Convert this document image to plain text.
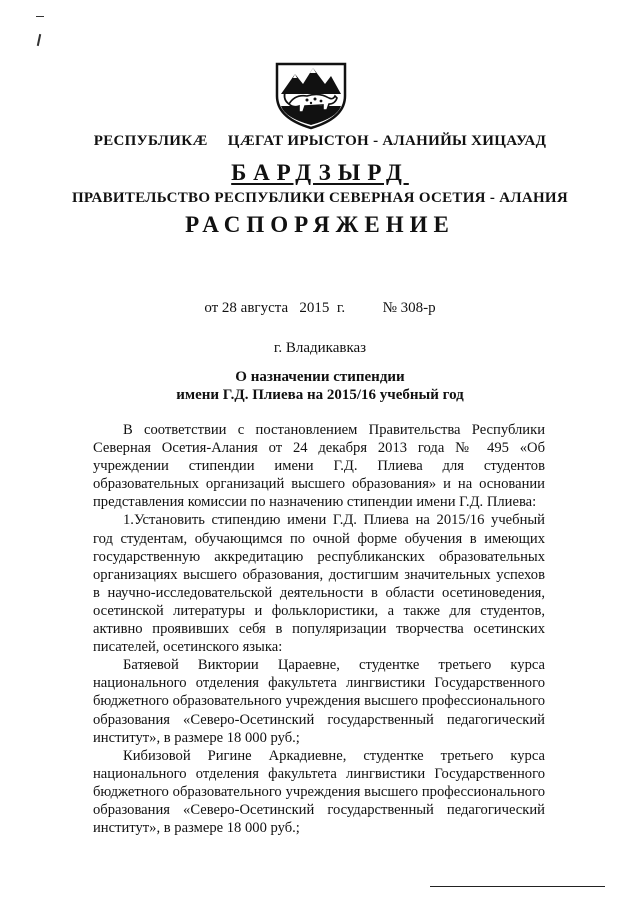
РЕСПУБЛИКӔ ЦӔГАТ ИРЫСТОН - АЛАНИЙЫ ХИЦАУАД
БАРДЗЫРД
ПРАВИТЕЛЬСТВО РЕСПУБЛИКИ СЕВЕРНАЯ ОСЕТИЯ - АЛАНИЯ
РАСПОРЯЖЕНИЕ
от 28 августа   2015  г.          № 308-р
г. Владикавказ
О назначении стипендии
имени Г.Д. Плиева на 2015/16 учебный год

В соответствии с постановлением Правительства Республики Северная Осетия-Алания от 24 декабря 2013 года № 495 «Об учреждении стипендии имени Г.Д. Плиева для студентов образовательных организаций высшего образования» и на основании представления комиссии по назначению стипендии имени Г.Д. Плиева:

1.Установить стипендию имени Г.Д. Плиева на 2015/16 учебный год студентам, обучающимся по очной форме обучения в имеющих государственную аккредитацию республиканских образовательных организациях высшего образования, достигшим значительных успехов в научно-исследовательской деятельности в области осетиноведения, осетинской литературы и фольклористики, а также для студентов, активно проявивших себя в популяризации творчества осетинских писателей, осетинского языка:

Батяевой Виктории Цараевне, студентке третьего курса национального отделения факультета лингвистики Государственного бюджетного образовательного учреждения высшего профессионального образования «Северо-Осетинский государственный педагогический институт», в размере 18 000 руб.;

Кибизовой Ригине Аркадиевне, студентке третьего курса национального отделения факультета лингвистики Государственного бюджетного образовательного учреждения высшего профессионального образования «Северо-Осетинский государственный педагогический институт», в размере 18 000 руб.;
